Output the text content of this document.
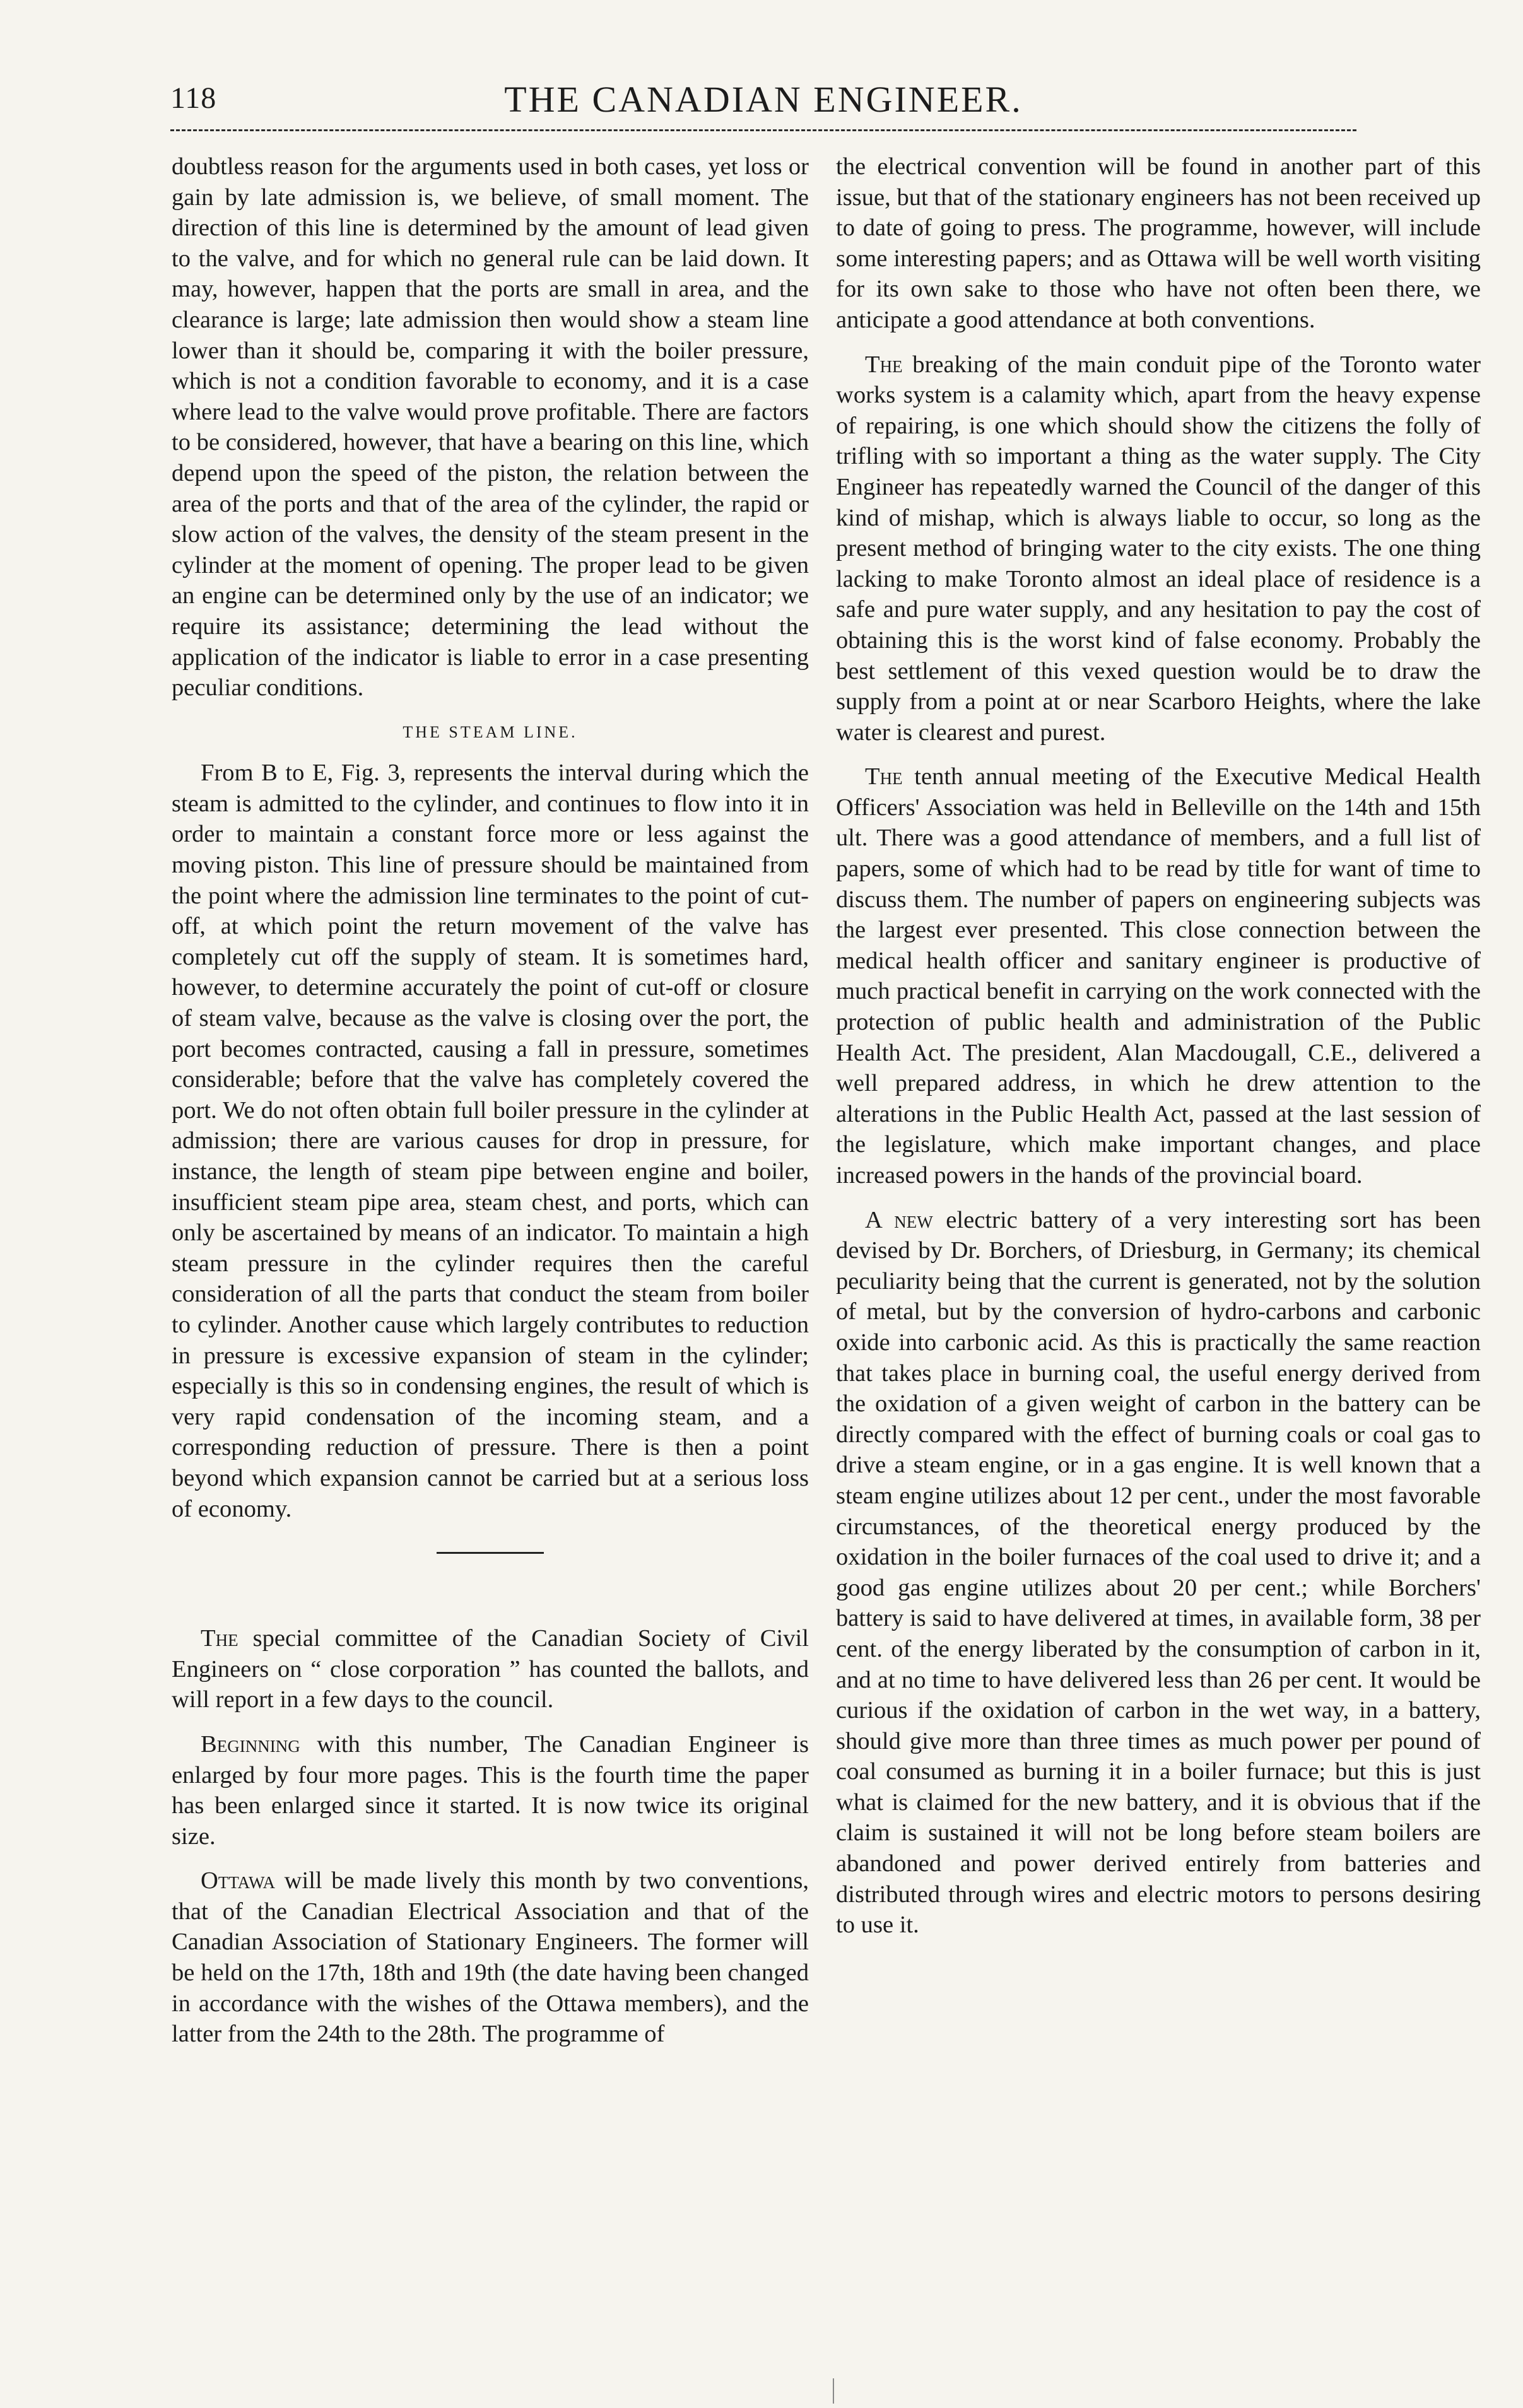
118	THE CANADIAN ENGINEER.

doubtless reason for the arguments used in both cases, yet loss or gain by late admission is, we believe, of small moment. The direction of this line is determined by the amount of lead given to the valve, and for which no general rule can be laid down. It may, however, happen that the ports are small in area, and the clearance is large; late admission then would show a steam line lower than it should be, comparing it with the boiler pressure, which is not a condition favorable to economy, and it is a case where lead to the valve would prove profitable. There are factors to be considered, however, that have a bearing on this line, which depend upon the speed of the piston, the relation between the area of the ports and that of the area of the cylinder, the rapid or slow action of the valves, the density of the steam present in the cylinder at the moment of opening. The proper lead to be given an engine can be determined only by the use of an indicator; we require its assistance; determining the lead without the application of the indicator is liable to error in a case presenting peculiar conditions.

THE STEAM LINE.

From B to E, Fig. 3, represents the interval during which the steam is admitted to the cylinder, and continues to flow into it in order to maintain a constant force more or less against the moving piston. This line of pressure should be maintained from the point where the admission line terminates to the point of cut-off, at which point the return movement of the valve has completely cut off the supply of steam. It is sometimes hard, however, to determine accurately the point of cut-off or closure of steam valve, because as the valve is closing over the port, the port becomes contracted, causing a fall in pressure, sometimes considerable; before that the valve has completely covered the port. We do not often obtain full boiler pressure in the cylinder at admission; there are various causes for drop in pressure, for instance, the length of steam pipe between engine and boiler, insufficient steam pipe area, steam chest, and ports, which can only be ascertained by means of an indicator. To maintain a high steam pressure in the cylinder requires then the careful consideration of all the parts that conduct the steam from boiler to cylinder. Another cause which largely contributes to reduction in pressure is excessive expansion of steam in the cylinder; especially is this so in condensing engines, the result of which is very rapid condensation of the incoming steam, and a corresponding reduction of pressure. There is then a point beyond which expansion cannot be carried but at a serious loss of economy.

The special committee of the Canadian Society of Civil Engineers on “ close corporation ” has counted the ballots, and will report in a few days to the council.

Beginning with this number, The Canadian Engineer is enlarged by four more pages. This is the fourth time the paper has been enlarged since it started. It is now twice its original size.

Ottawa will be made lively this month by two conventions, that of the Canadian Electrical Association and that of the Canadian Association of Stationary Engineers. The former will be held on the 17th, 18th and 19th (the date having been changed in accordance with the wishes of the Ottawa members), and the latter from the 24th to the 28th. The programme of

the electrical convention will be found in another part of this issue, but that of the stationary engineers has not been received up to date of going to press. The programme, however, will include some interesting papers; and as Ottawa will be well worth visiting for its own sake to those who have not often been there, we anticipate a good attendance at both conventions.

The breaking of the main conduit pipe of the Toronto water works system is a calamity which, apart from the heavy expense of repairing, is one which should show the citizens the folly of trifling with so important a thing as the water supply. The City Engineer has repeatedly warned the Council of the danger of this kind of mishap, which is always liable to occur, so long as the present method of bringing water to the city exists. The one thing lacking to make Toronto almost an ideal place of residence is a safe and pure water supply, and any hesitation to pay the cost of obtaining this is the worst kind of false economy. Probably the best settlement of this vexed question would be to draw the supply from a point at or near Scarboro Heights, where the lake water is clearest and purest.

The tenth annual meeting of the Executive Medical Health Officers' Association was held in Belleville on the 14th and 15th ult. There was a good attendance of members, and a full list of papers, some of which had to be read by title for want of time to discuss them. The number of papers on engineering subjects was the largest ever presented. This close connection between the medical health officer and sanitary engineer is productive of much practical benefit in carrying on the work connected with the protection of public health and administration of the Public Health Act. The president, Alan Macdougall, C.E., delivered a well prepared address, in which he drew attention to the alterations in the Public Health Act, passed at the last session of the legislature, which make important changes, and place increased powers in the hands of the provincial board.

A new electric battery of a very interesting sort has been devised by Dr. Borchers, of Driesburg, in Germany; its chemical peculiarity being that the current is generated, not by the solution of metal, but by the conversion of hydro-carbons and carbonic oxide into carbonic acid. As this is practically the same reaction that takes place in burning coal, the useful energy derived from the oxidation of a given weight of carbon in the battery can be directly compared with the effect of burning coals or coal gas to drive a steam engine, or in a gas engine. It is well known that a steam engine utilizes about 12 per cent., under the most favorable circumstances, of the theoretical energy produced by the oxidation in the boiler furnaces of the coal used to drive it; and a good gas engine utilizes about 20 per cent.; while Borchers' battery is said to have delivered at times, in available form, 38 per cent. of the energy liberated by the consumption of carbon in it, and at no time to have delivered less than 26 per cent. It would be curious if the oxidation of carbon in the wet way, in a battery, should give more than three times as much power per pound of coal consumed as burning it in a boiler furnace; but this is just what is claimed for the new battery, and it is obvious that if the claim is sustained it will not be long before steam boilers are abandoned and power derived entirely from batteries and distributed through wires and electric motors to persons desiring to use it.
